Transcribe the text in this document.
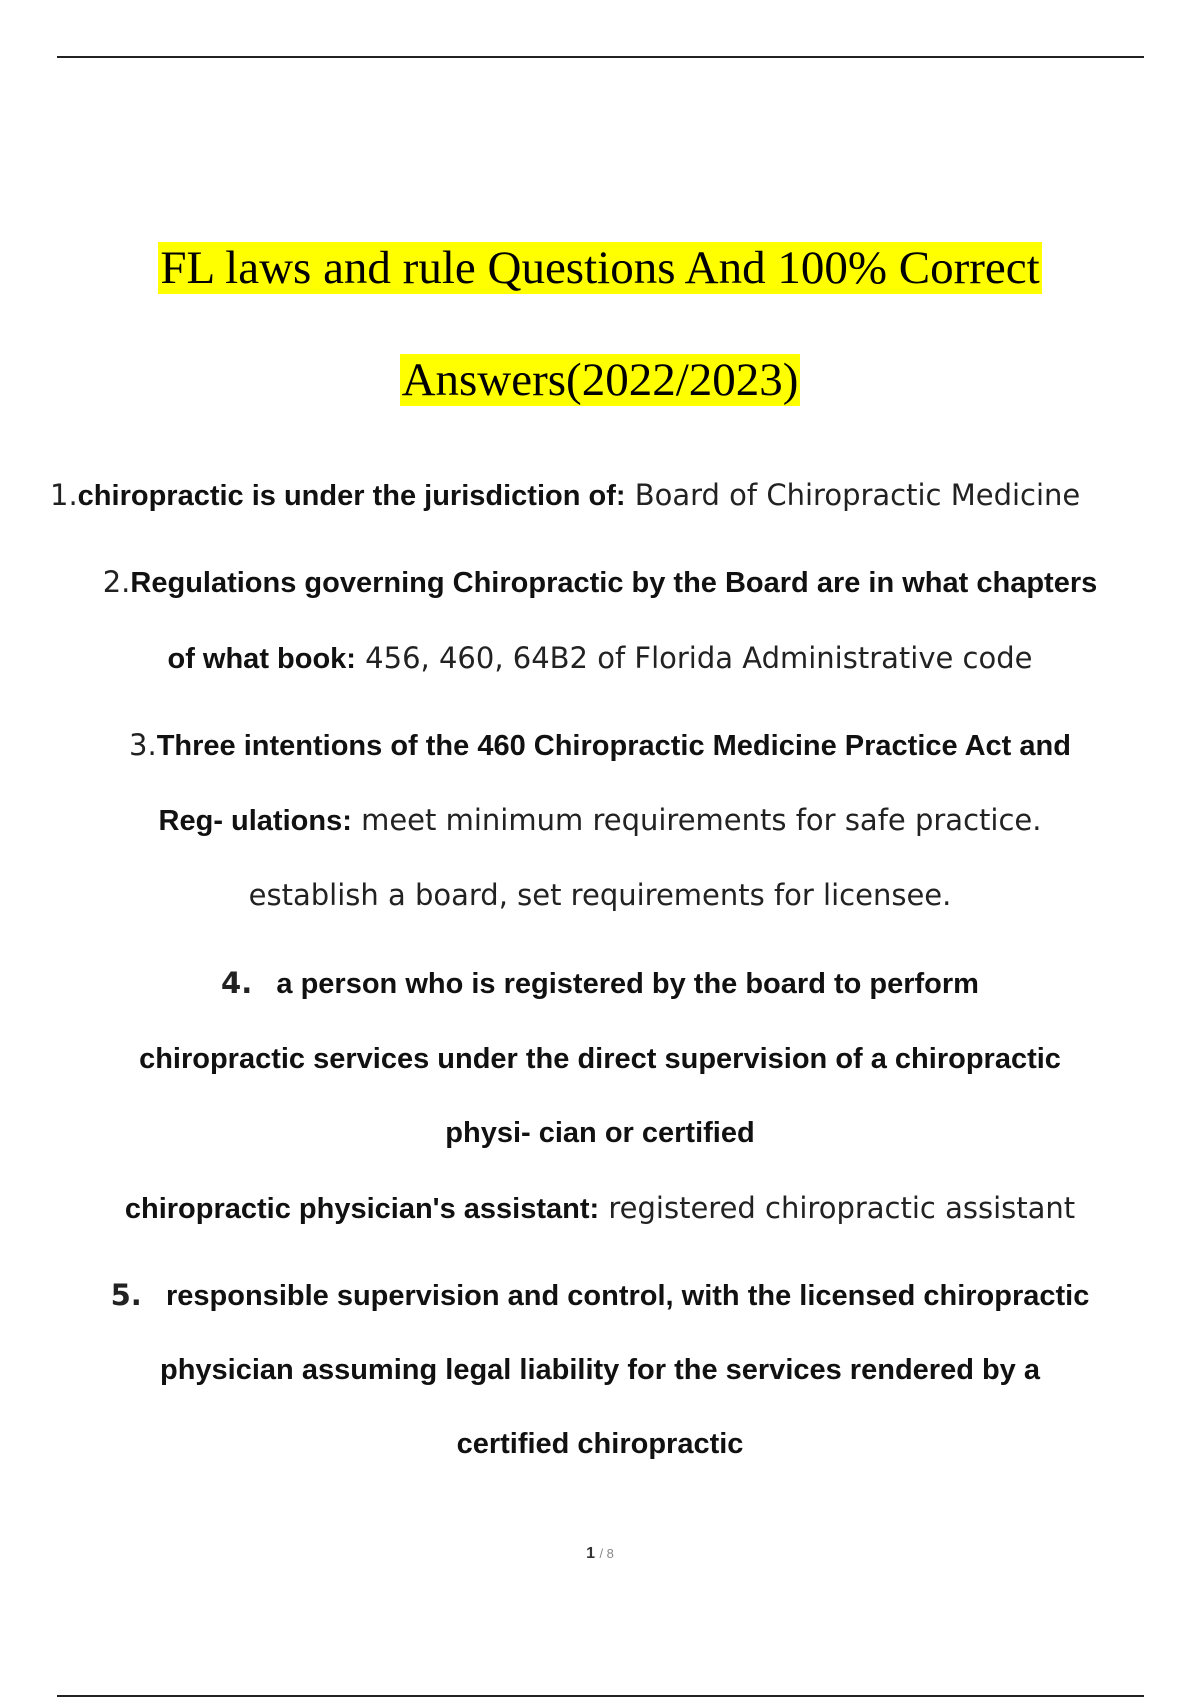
FL laws and rule Questions And 100% Correct
Answers(2022/2023)
1.chiropractic is under the jurisdiction of: Board of Chiropractic Medicine
2.Regulations governing Chiropractic by the Board are in what chapters
of what book: 456, 460, 64B2 of Florida Administrative code
3.Three intentions of the 460 Chiropractic Medicine Practice Act and
Reg- ulations: meet minimum requirements for safe practice.
establish a board, set requirements for licensee.
4. a person who is registered by the board to perform
chiropractic services under the direct supervision of a chiropractic
physi- cian or certified
chiropractic physician's assistant: registered chiropractic assistant
5. responsible supervision and control, with the licensed chiropractic
physician assuming legal liability for the services rendered by a
certified chiropractic
1 / 8
